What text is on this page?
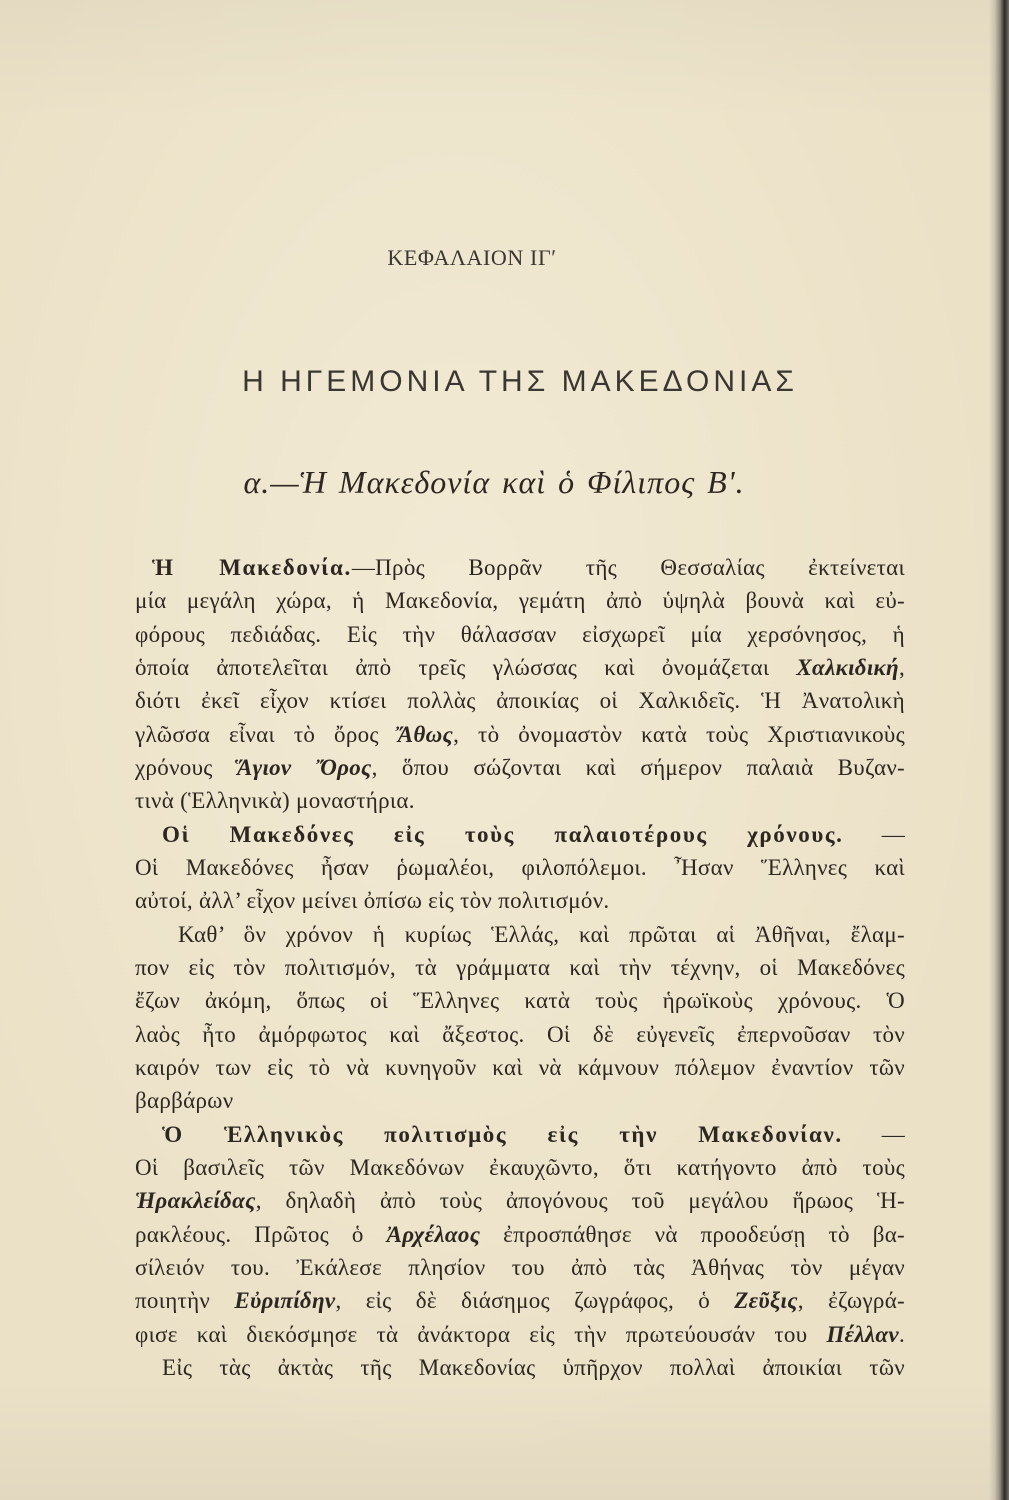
ΚΕΦΑΛΑΙΟΝ ΙΓʹ
Η ΗΓΕΜΟΝΙΑ ΤΗΣ ΜΑΚΕΔΟΝΙΑΣ
α.—Ἡ Μακεδονία καὶ ὁ Φίλιπος Βʹ.
Ἡ Μακεδονία.—Πρὸς Βορρᾶν τῆς Θεσσαλίας ἐκτείνεται
μία μεγάλη χώρα, ἡ Μακεδονία, γεμάτη ἀπὸ ὑψηλὰ βουνὰ καὶ εὐ-
φόρους πεδιάδας. Εἰς τὴν θάλασσαν εἰσχωρεῖ μία χερσόνησος, ἡ
ὁποία ἀποτελεῖται ἀπὸ τρεῖς γλώσσας καὶ ὀνομάζεται Χαλκιδική,
διότι ἐκεῖ εἶχον κτίσει πολλὰς ἀποικίας οἱ Χαλκιδεῖς. Ἡ Ἀνατολικὴ
γλῶσσα εἶναι τὸ ὄρος Ἄθως, τὸ ὀνομαστὸν κατὰ τοὺς Χριστιανικοὺς
χρόνους Ἅγιον Ὄρος, ὅπου σώζονται καὶ σήμερον παλαιὰ Βυζαν-
τινὰ (Ἑλληνικὰ) μοναστήρια.
Οἱ Μακεδόνες εἰς τοὺς παλαιοτέρους χρόνους. —
Οἱ Μακεδόνες ἦσαν ῥωμαλέοι, φιλοπόλεμοι. Ἦσαν Ἕλληνες καὶ
αὐτοί, ἀλλ’ εἶχον μείνει ὀπίσω εἰς τὸν πολιτισμόν.
Καθ’ ὃν χρόνον ἡ κυρίως Ἑλλάς, καὶ πρῶται αἱ Ἀθῆναι, ἔλαμ-
πον εἰς τὸν πολιτισμόν, τὰ γράμματα καὶ τὴν τέχνην, οἱ Μακεδόνες
ἔζων ἀκόμη, ὅπως οἱ Ἕλληνες κατὰ τοὺς ἡρωϊκοὺς χρόνους. Ὁ
λαὸς ἦτο ἀμόρφωτος καὶ ἄξεστος. Οἱ δὲ εὐγενεῖς ἐπερνοῦσαν τὸν
καιρόν των εἰς τὸ νὰ κυνηγοῦν καὶ νὰ κάμνουν πόλεμον ἐναντίον τῶν
βαρβάρων
Ὁ Ἑλληνικὸς πολιτισμὸς εἰς τὴν Μακεδονίαν. —
Οἱ βασιλεῖς τῶν Μακεδόνων ἐκαυχῶντο, ὅτι κατήγοντο ἀπὸ τοὺς
Ἡρακλείδας, δηλαδὴ ἀπὸ τοὺς ἀπογόνους τοῦ μεγάλου ἥρωος Ἡ-
ρακλέους. Πρῶτος ὁ Ἀρχέλαος ἐπροσπάθησε νὰ προοδεύσῃ τὸ βα-
σίλειόν του. Ἐκάλεσε πλησίον του ἀπὸ τὰς Ἀθήνας τὸν μέγαν
ποιητὴν Εὐριπίδην, εἰς δὲ διάσημος ζωγράφος, ὁ Ζεῦξις, ἐζωγρά-
φισε καὶ διεκόσμησε τὰ ἀνάκτορα εἰς τὴν πρωτεύουσάν του Πέλλαν.
Εἰς τὰς ἀκτὰς τῆς Μακεδονίας ὑπῆρχον πολλαὶ ἀποικίαι τῶν
